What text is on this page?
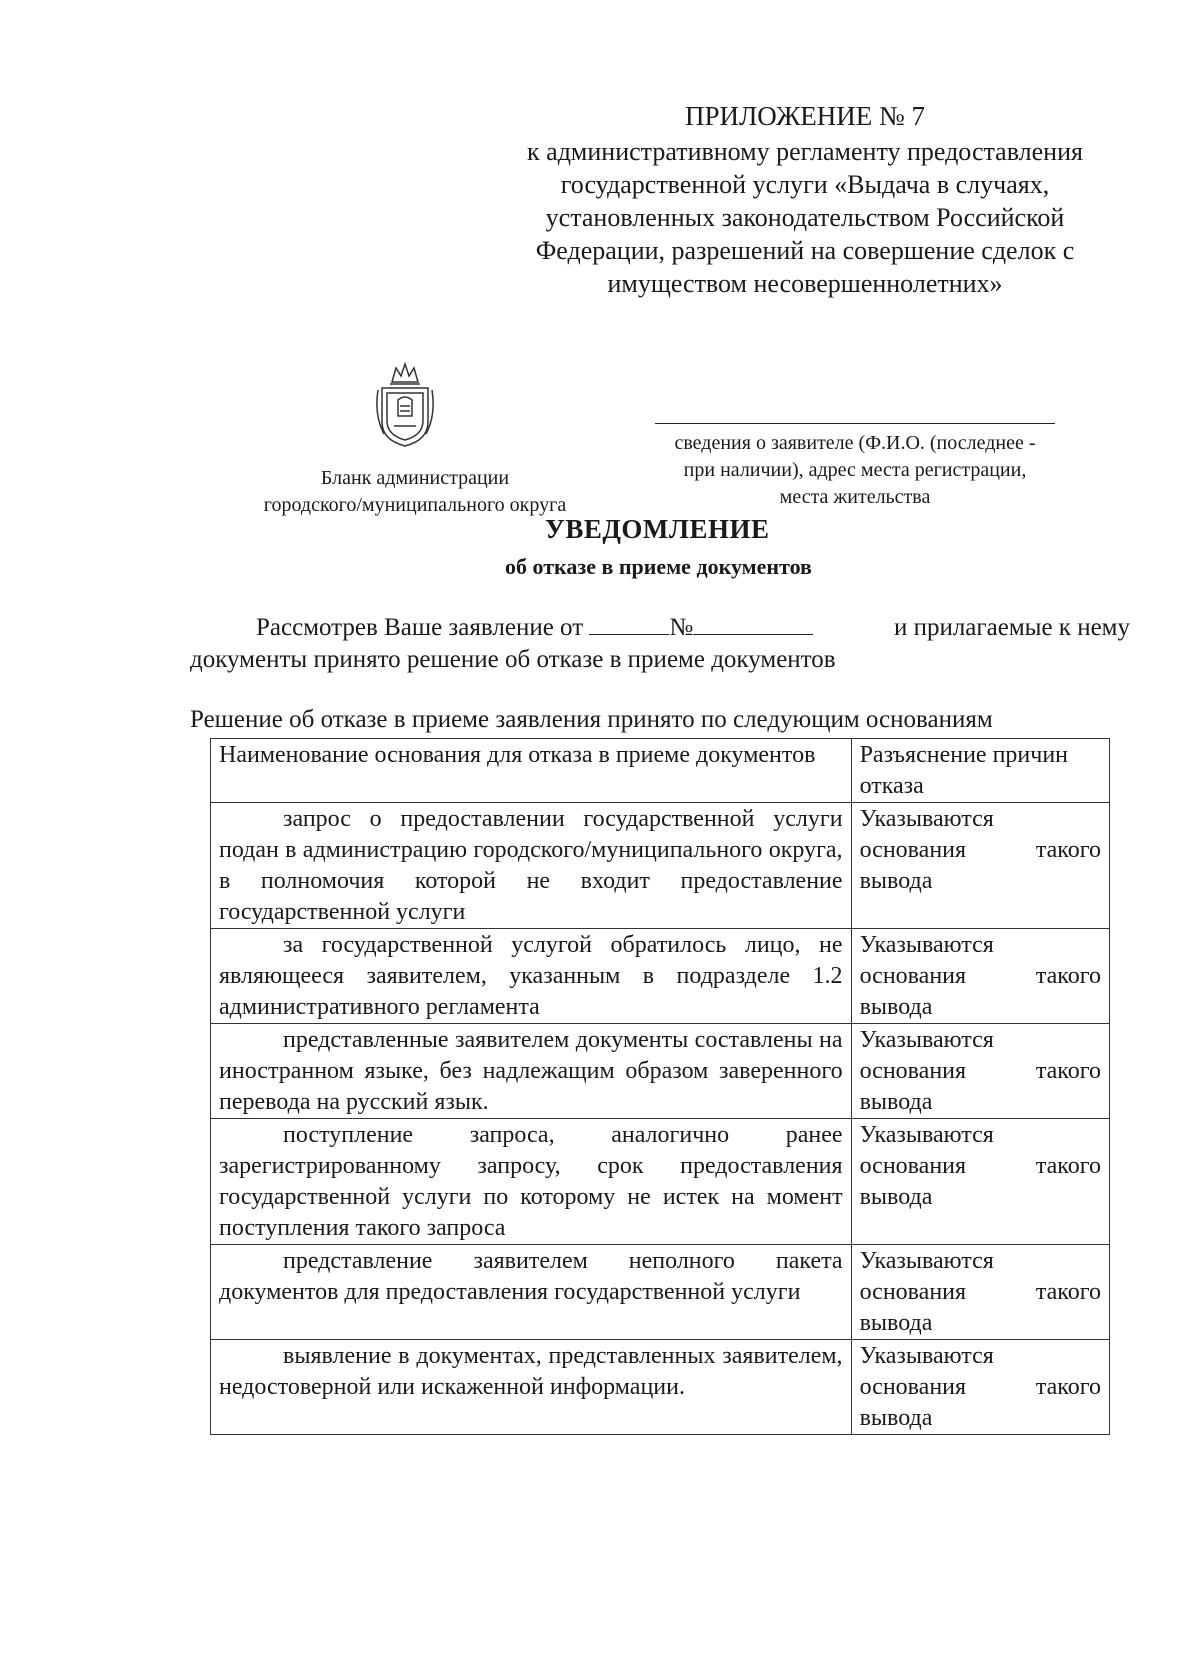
ПРИЛОЖЕНИЕ № 7
к административному регламенту предоставления
государственной услуги «Выдача в случаях,
установленных законодательством Российской
Федерации, разрешений на совершение сделок с
имуществом несовершеннолетних»
сведения о заявителе (Ф.И.О. (последнее -
при наличии), адрес места регистрации,
места жительства
Бланк администрации
городского/муниципального округа
УВЕДОМЛЕНИЕ
об отказе в приеме документов
Рассмотрев Ваше заявление от	№	и прилагаемые к нему
документы принято решение об отказе в приеме документов
Решение об отказе в приеме заявления принято по следующим основаниям
Наименование основания для отказа в приеме документов	Разъяснение причин отказа
запрос о предоставлении государственной услуги подан в администрацию городского/муниципального округа, в полномочия которой не входит предоставление государственной услуги	Указываются
основания такого
вывода

за государственной услугой обратилось лицо, не являющееся заявителем, указанным в подразделе 1.2 административного регламента	Указываются
основания такого
вывода

представленные заявителем документы составлены на иностранном языке, без надлежащим образом заверенного перевода на русский язык.	Указываются
основания такого
вывода

поступление запроса, аналогично ранее зарегистрированному запросу, срок предоставления государственной услуги по которому не истек на момент поступления такого запроса	Указываются
основания такого
вывода

представление заявителем неполного пакета документов для предоставления государственной услуги	Указываются
основания такого
вывода

выявление в документах, представленных заявителем, недостоверной или искаженной информации.	Указываются
основания такого
вывода
